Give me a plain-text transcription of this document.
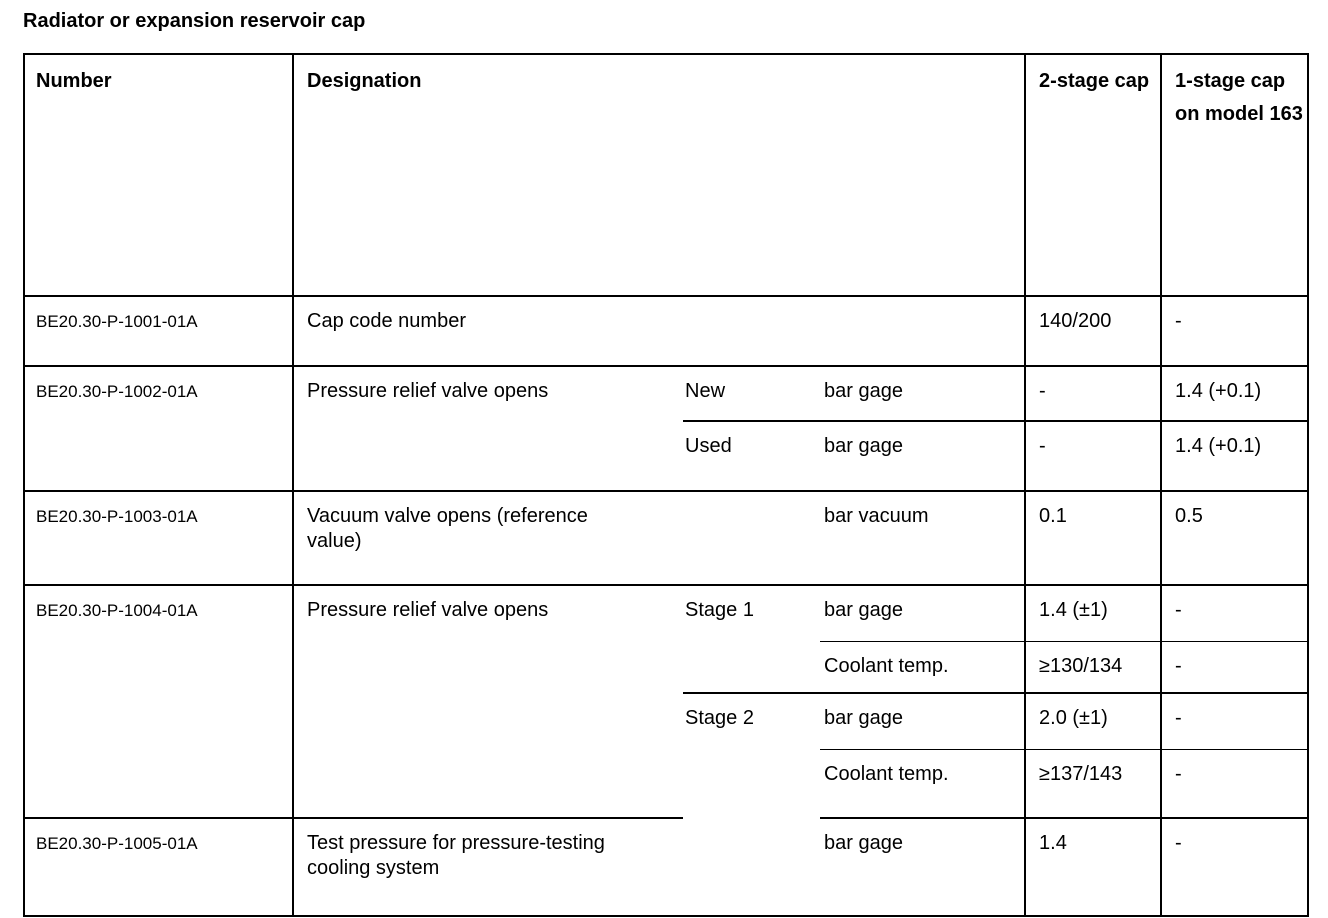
Radiator or expansion reservoir cap
Number	Designation			2-stage cap	1-stage cap on model 163
BE20.30-P-1001-01A	Cap code number			140/200	-
BE20.30-P-1002-01A	Pressure relief valve opens	New	bar gage	-	1.4 (+0.1)
		Used	bar gage	-	1.4 (+0.1)
BE20.30-P-1003-01A	Vacuum valve opens (reference value)		bar vacuum	0.1	0.5
BE20.30-P-1004-01A	Pressure relief valve opens	Stage 1	bar gage	1.4 (±1)	-
			Coolant temp.	≥130/134	-
		Stage 2	bar gage	2.0 (±1)	-
			Coolant temp.	≥137/143	-
BE20.30-P-1005-01A	Test pressure for pressure-testing cooling system		bar gage	1.4	-
